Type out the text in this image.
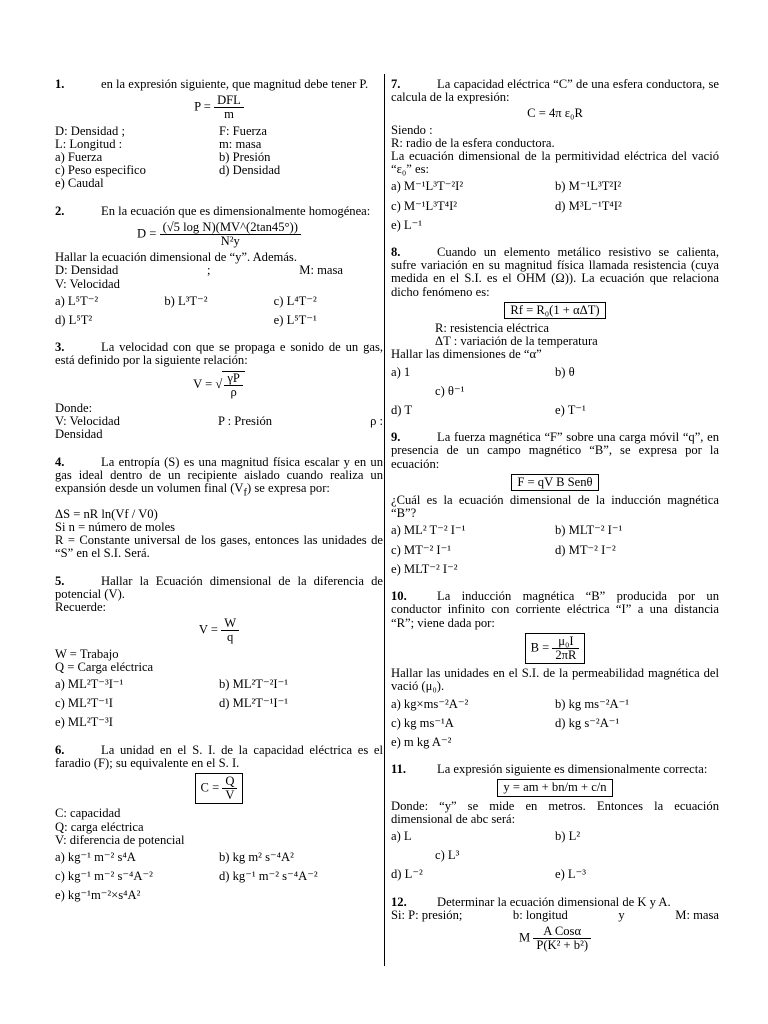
1.	en la expresión siguiente, que magnitud debe tener P.

$P = \frac{\text{DFL}}{m}$
D: Densidad ;	F: Fuerza
L: Longitud :	m: masa
a) Fuerza	b) Presión
c) Peso especifico	d) Densidad
e) Caudal

2.	En la ecuación que es dimensionalmente homogénea:

$D = \frac{\text{(√5 log N)(MV\textasciicircum{}(2tan45°))}}{\text{N²y}}$

Hallar la ecuación dimensional de “y”. Además.

D: Densidad	;	M: masa

V: Velocidad

a) L⁵T⁻²	b) L³T⁻²	c) L⁴T⁻²
d) L⁵T²	e) L⁵T⁻¹

3.	La velocidad con que se propaga e sonido de un gas, está definido por la siguiente relación:

V = √ $\frac{\gamma P}{\rho}$

Donde:

V: Velocidad	P : Presión	ρ :

Densidad

4.	La entropía (S) es una magnitud física escalar y en un gas ideal dentro de un recipiente aislado cuando realiza un expansión desde un volumen final $(V_f)$ se expresa por:

ΔS = nR ln(Vf / V0)

Si n = número de moles

R = Constante universal de los gases, entonces las unidades de “S” en el S.I. Será.

5.	Hallar la Ecuación dimensional de la diferencia de potencial (V).

Recuerde:

$V = \frac{W}{q}$

W = Trabajo

Q = Carga eléctrica

a) ML²T⁻³I⁻¹	b) ML²T⁻²I⁻¹
c) ML²T⁻¹I	d) ML²T⁻¹I⁻¹
e) ML²T⁻³I

6.	La unidad en el S. I. de la capacidad eléctrica es el faradio (F); su equivalente en el S. I.

$C = \frac{Q}{V}$

C: capacidad

Q: carga eléctrica

V: diferencia de potencial

a) kg⁻¹ m⁻² s⁴A	b) kg m² s⁻⁴A²
c) kg⁻¹ m⁻² s⁻⁴A⁻²	d) kg⁻¹ m⁻² s⁻⁴A⁻²
e) kg⁻¹m⁻²×s⁴A²

7.	La capacidad eléctrica “C” de una esfera conductora, se calcula de la expresión:

C = 4π ε₀R

Siendo :

R: radio de la esfera conductora.

La ecuación dimensional de la permitividad eléctrica del vació “ε₀” es:

a) M⁻¹L³T⁻²I²	b) M⁻¹L³T²I²
c) M⁻¹L³T⁴I²	d) M³L⁻¹T⁴I²
e) L⁻¹

8.	Cuando un elemento metálico resistivo se calienta, sufre variación en su magnitud física llamada resistencia (cuya medida en el S.I. es el OHM (Ω)). La ecuación que relaciona dicho fenómeno es:

Rf = R₀(1 + αΔT)

R: resistencia eléctrica

ΔT : variación de la temperatura

Hallar las dimensiones de “α”

a) 1	b) θ
c) θ⁻¹
d) T	e) T⁻¹

9.	La fuerza magnética “F” sobre una carga móvil “q”, en presencia de un campo magnético “B”, se expresa por la ecuación:

F = qV B Senθ

¿Cuál es la ecuación dimensional de la inducción magnética “B”?

a) ML² T⁻² I⁻¹	b) MLT⁻² I⁻¹
c) MT⁻² I⁻¹	d) MT⁻² I⁻²
e) MLT⁻² I⁻²

10. La inducción magnética “B” producida por un conductor infinito con corriente eléctrica “I” a una distancia “R”; viene dada por:

$B = \frac{\text{μ₀I}}{2\pi R}$

Hallar las unidades en el S.I. de la permeabilidad magnética del vació (μ₀).

a) kg×ms⁻²A⁻²	b) kg ms⁻²A⁻¹
c) kg ms⁻¹A	d) kg s⁻²A⁻¹
e) m kg A⁻²

11. La expresión siguiente es dimensionalmente correcta:

y = am + bn/m + c/n

Donde: “y” se mide en metros. Entonces la ecuación dimensional de abc será:

a) L	b) L²
c) L³
d) L⁻²	e) L⁻³

12. Determinar la ecuación dimensional de K y A.

Si: P: presión;	b: longitud	y	M: masa
M $\frac{\text{A Cosα}}{\text{P(K² + b²)}}$
